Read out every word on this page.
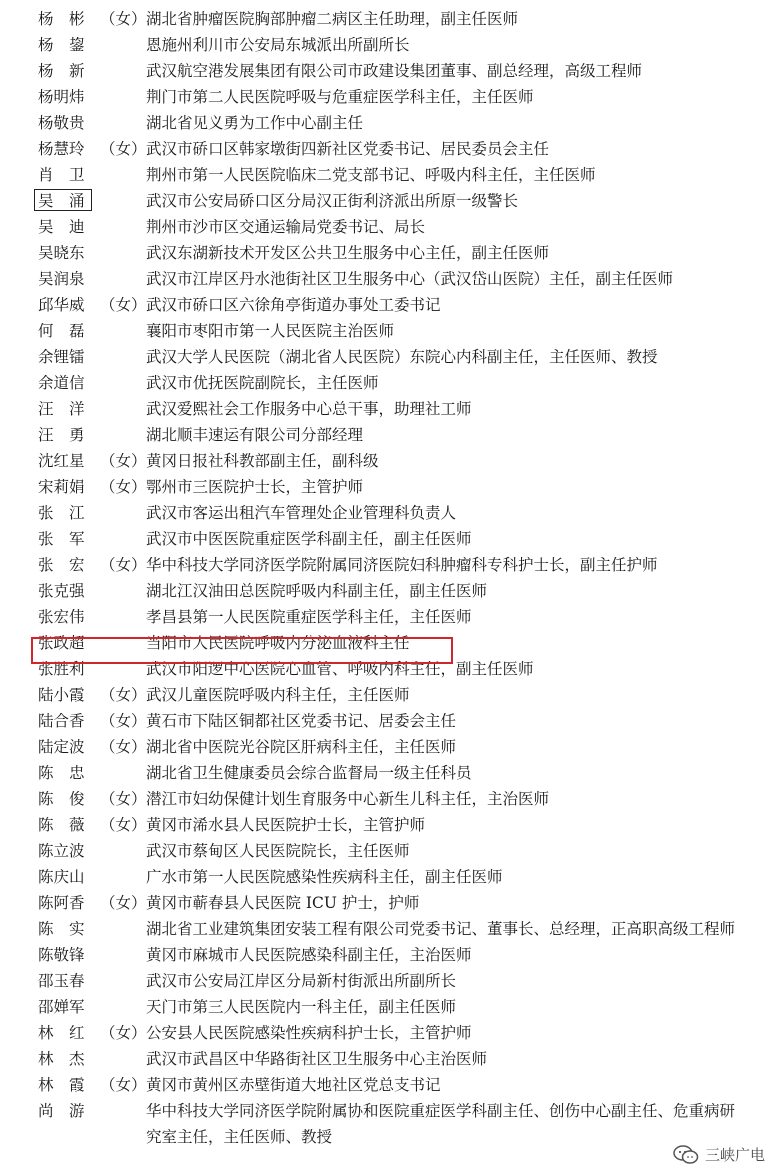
杨　彬 （女） 湖北省肿瘤医院胸部肿瘤二病区主任助理，副主任医师
杨　鋆	恩施州利川市公安局东城派出所副所长
杨　新	武汉航空港发展集团有限公司市政建设集团董事、副总经理，高级工程师
杨明炜	荆门市第二人民医院呼吸与危重症医学科主任，主任医师
杨敬贵	湖北省见义勇为工作中心副主任
杨慧玲 （女） 武汉市硚口区韩家墩街四新社区党委书记、居民委员会主任
肖　卫	荆州市第一人民医院临床二党支部书记、呼吸内科主任，主任医师
吴　涌	武汉市公安局硚口区分局汉正街利济派出所原一级警长
吴　迪	荆州市沙市区交通运输局党委书记、局长
吴晓东	武汉东湖新技术开发区公共卫生服务中心主任，副主任医师
吴润泉	武汉市江岸区丹水池街社区卫生服务中心（武汉岱山医院）主任，副主任医师
邱华威 （女） 武汉市硚口区六徐角亭街道办事处工委书记
何　磊	襄阳市枣阳市第一人民医院主治医师
余锂镭	武汉大学人民医院（湖北省人民医院）东院心内科副主任，主任医师、教授
余道信	武汉市优抚医院副院长，主任医师
汪　洋	武汉爱熙社会工作服务中心总干事，助理社工师
汪　勇	湖北顺丰速运有限公司分部经理
沈红星 （女） 黄冈日报社科教部副主任，副科级
宋莉娟 （女） 鄂州市三医院护士长，主管护师
张　江	武汉市客运出租汽车管理处企业管理科负责人
张　军	武汉市中医医院重症医学科副主任，副主任医师
张　宏 （女） 华中科技大学同济医学院附属同济医院妇科肿瘤科专科护士长，副主任护师
张克强	湖北江汉油田总医院呼吸内科副主任，副主任医师
张宏伟	孝昌县第一人民医院重症医学科主任，主任医师
张政超	当阳市人民医院呼吸内分泌血液科主任
张胜利	武汉市阳逻中心医院心血管、呼吸内科主任，副主任医师
陆小霞 （女） 武汉儿童医院呼吸内科主任，主任医师
陆合香 （女） 黄石市下陆区铜都社区党委书记、居委会主任
陆定波 （女） 湖北省中医院光谷院区肝病科主任，主任医师
陈　忠	湖北省卫生健康委员会综合监督局一级主任科员
陈　俊 （女） 潜江市妇幼保健计划生育服务中心新生儿科主任，主治医师
陈　薇 （女） 黄冈市浠水县人民医院护士长，主管护师
陈立波	武汉市蔡甸区人民医院院长，主任医师
陈庆山	广水市第一人民医院感染性疾病科主任，副主任医师
陈阿香 （女） 黄冈市蕲春县人民医院 ICU 护士，护师
陈　实	湖北省工业建筑集团安装工程有限公司党委书记、董事长、总经理，正高职高级工程师
陈敬锋	黄冈市麻城市人民医院感染科副主任，主治医师
邵玉春	武汉市公安局江岸区分局新村街派出所副所长
邵婵军	天门市第三人民医院内一科主任，副主任医师
林　红 （女） 公安县人民医院感染性疾病科护士长，主管护师
林　杰	武汉市武昌区中华路街社区卫生服务中心主治医师
林　霞 （女） 黄冈市黄州区赤壁街道大地社区党总支书记
尚　游	华中科技大学同济医学院附属协和医院重症医学科副主任、创伤中心副主任、危重病研究室主任，主任医师、教授
三峡广电
